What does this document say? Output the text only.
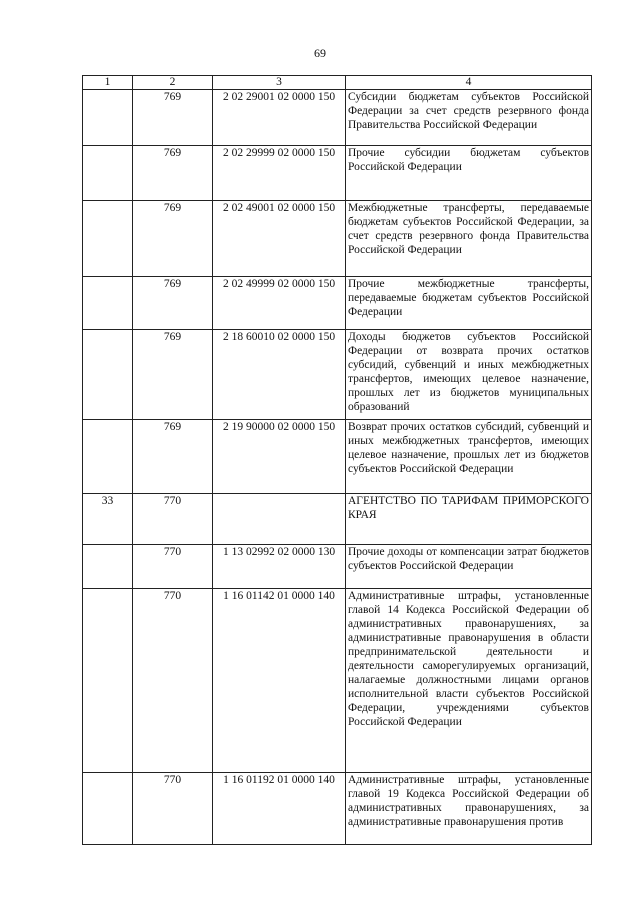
69
1	2	3	4
	769	2 02 29001 02 0000 150	Субсидии бюджетам субъектов Российской Федерации за счет средств резервного фонда Правительства Российской Федерации
	769	2 02 29999 02 0000 150	Прочие субсидии бюджетам субъектов Российской Федерации
	769	2 02 49001 02 0000 150	Межбюджетные трансферты, передаваемые бюджетам субъектов Российской Федерации, за счет средств резервного фонда Правительства Российской Федерации
	769	2 02 49999 02 0000 150	Прочие межбюджетные трансферты, передаваемые бюджетам субъектов Российской Федерации
	769	2 18 60010 02 0000 150	Доходы бюджетов субъектов Российской Федерации от возврата прочих остатков субсидий, субвенций и иных межбюджетных трансфертов, имеющих целевое назначение, прошлых лет из бюджетов муниципальных образований
	769	2 19 90000 02 0000 150	Возврат прочих остатков субсидий, субвенций и иных межбюджетных трансфертов, имеющих целевое назначение, прошлых лет из бюджетов субъектов Российской Федерации
33	770		АГЕНТСТВО ПО ТАРИФАМ ПРИМОРСКОГО КРАЯ
	770	1 13 02992 02 0000 130	Прочие доходы от компенсации затрат бюджетов субъектов Российской Федерации
	770	1 16 01142 01 0000 140	Административные штрафы, установленные главой 14 Кодекса Российской Федерации об административных правонарушениях, за административные правонарушения в области предпринимательской деятельности и деятельности саморегулируемых организаций, налагаемые должностными лицами органов исполнительной власти субъектов Российской Федерации, учреждениями субъектов Российской Федерации
	770	1 16 01192 01 0000 140	Административные штрафы, установленные главой 19 Кодекса Российской Федерации об административных правонарушениях, за административные правонарушения против
